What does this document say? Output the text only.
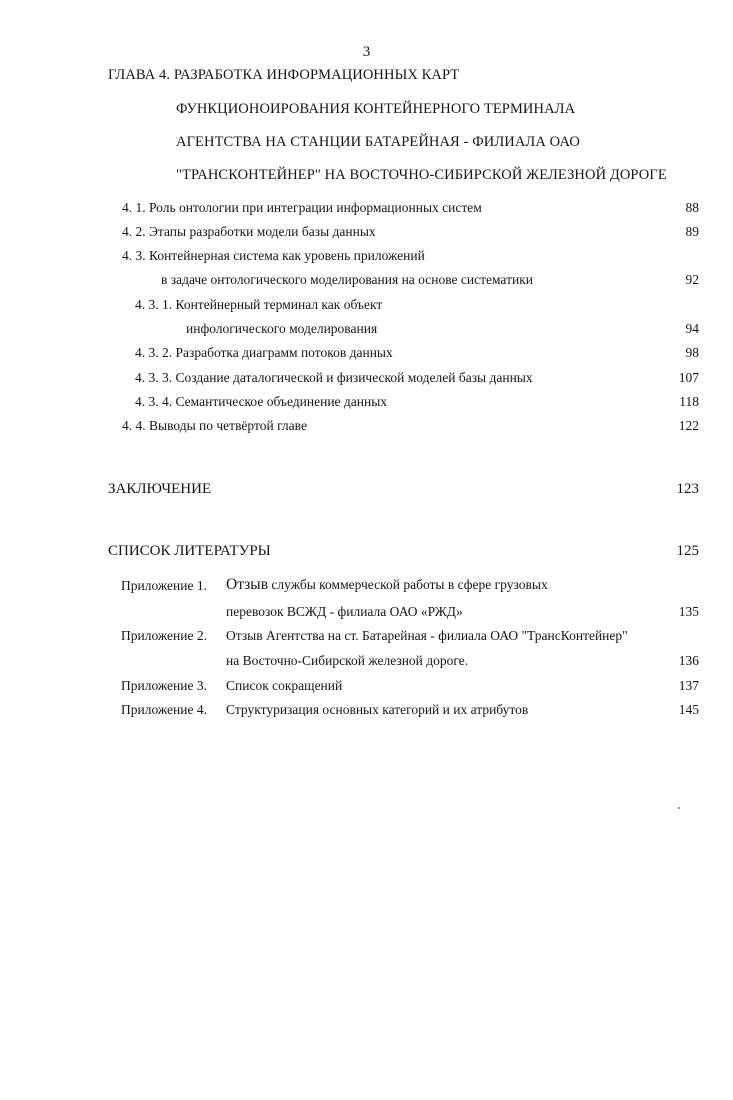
3
ГЛАВА 4. РАЗРАБОТКА ИНФОРМАЦИОННЫХ КАРТ
ФУНКЦИОНОИРОВАНИЯ КОНТЕЙНЕРНОГО ТЕРМИНАЛА
АГЕНТСТВА НА СТАНЦИИ БАТАРЕЙНАЯ - ФИЛИАЛА ОАО
"ТРАНСКОНТЕЙНЕР" НА ВОСТОЧНО-СИБИРСКОЙ ЖЕЛЕЗНОЙ ДОРОГЕ
4. 1. Роль онтологии при интеграции информационных систем	88
4. 2. Этапы разработки модели базы данных	89
4. 3. Контейнерная система как уровень приложений
в задаче онтологического моделирования на основе систематики	92
4. 3. 1. Контейнерный терминал как объект
инфологического моделирования	94
4. 3. 2. Разработка диаграмм потоков данных	98
4. 3. 3. Создание даталогической и физической моделей базы данных	107
4. 3. 4. Семантическое объединение данных	118
4. 4. Выводы по четвёртой главе	122
ЗАКЛЮЧЕНИЕ	123
СПИСОК ЛИТЕРАТУРЫ	125
Приложение 1. Отзыв службы коммерческой работы в сфере грузовых
перевозок ВСЖД - филиала ОАО «РЖД»	135
Приложение 2. Отзыв Агентства на ст. Батарейная - филиала ОАО "ТрансКонтейнер"
на Восточно-Сибирской железной дороге.	136
Приложение 3. Список сокращений	137
Приложение 4. Структуризация основных категорий и их атрибутов	145
